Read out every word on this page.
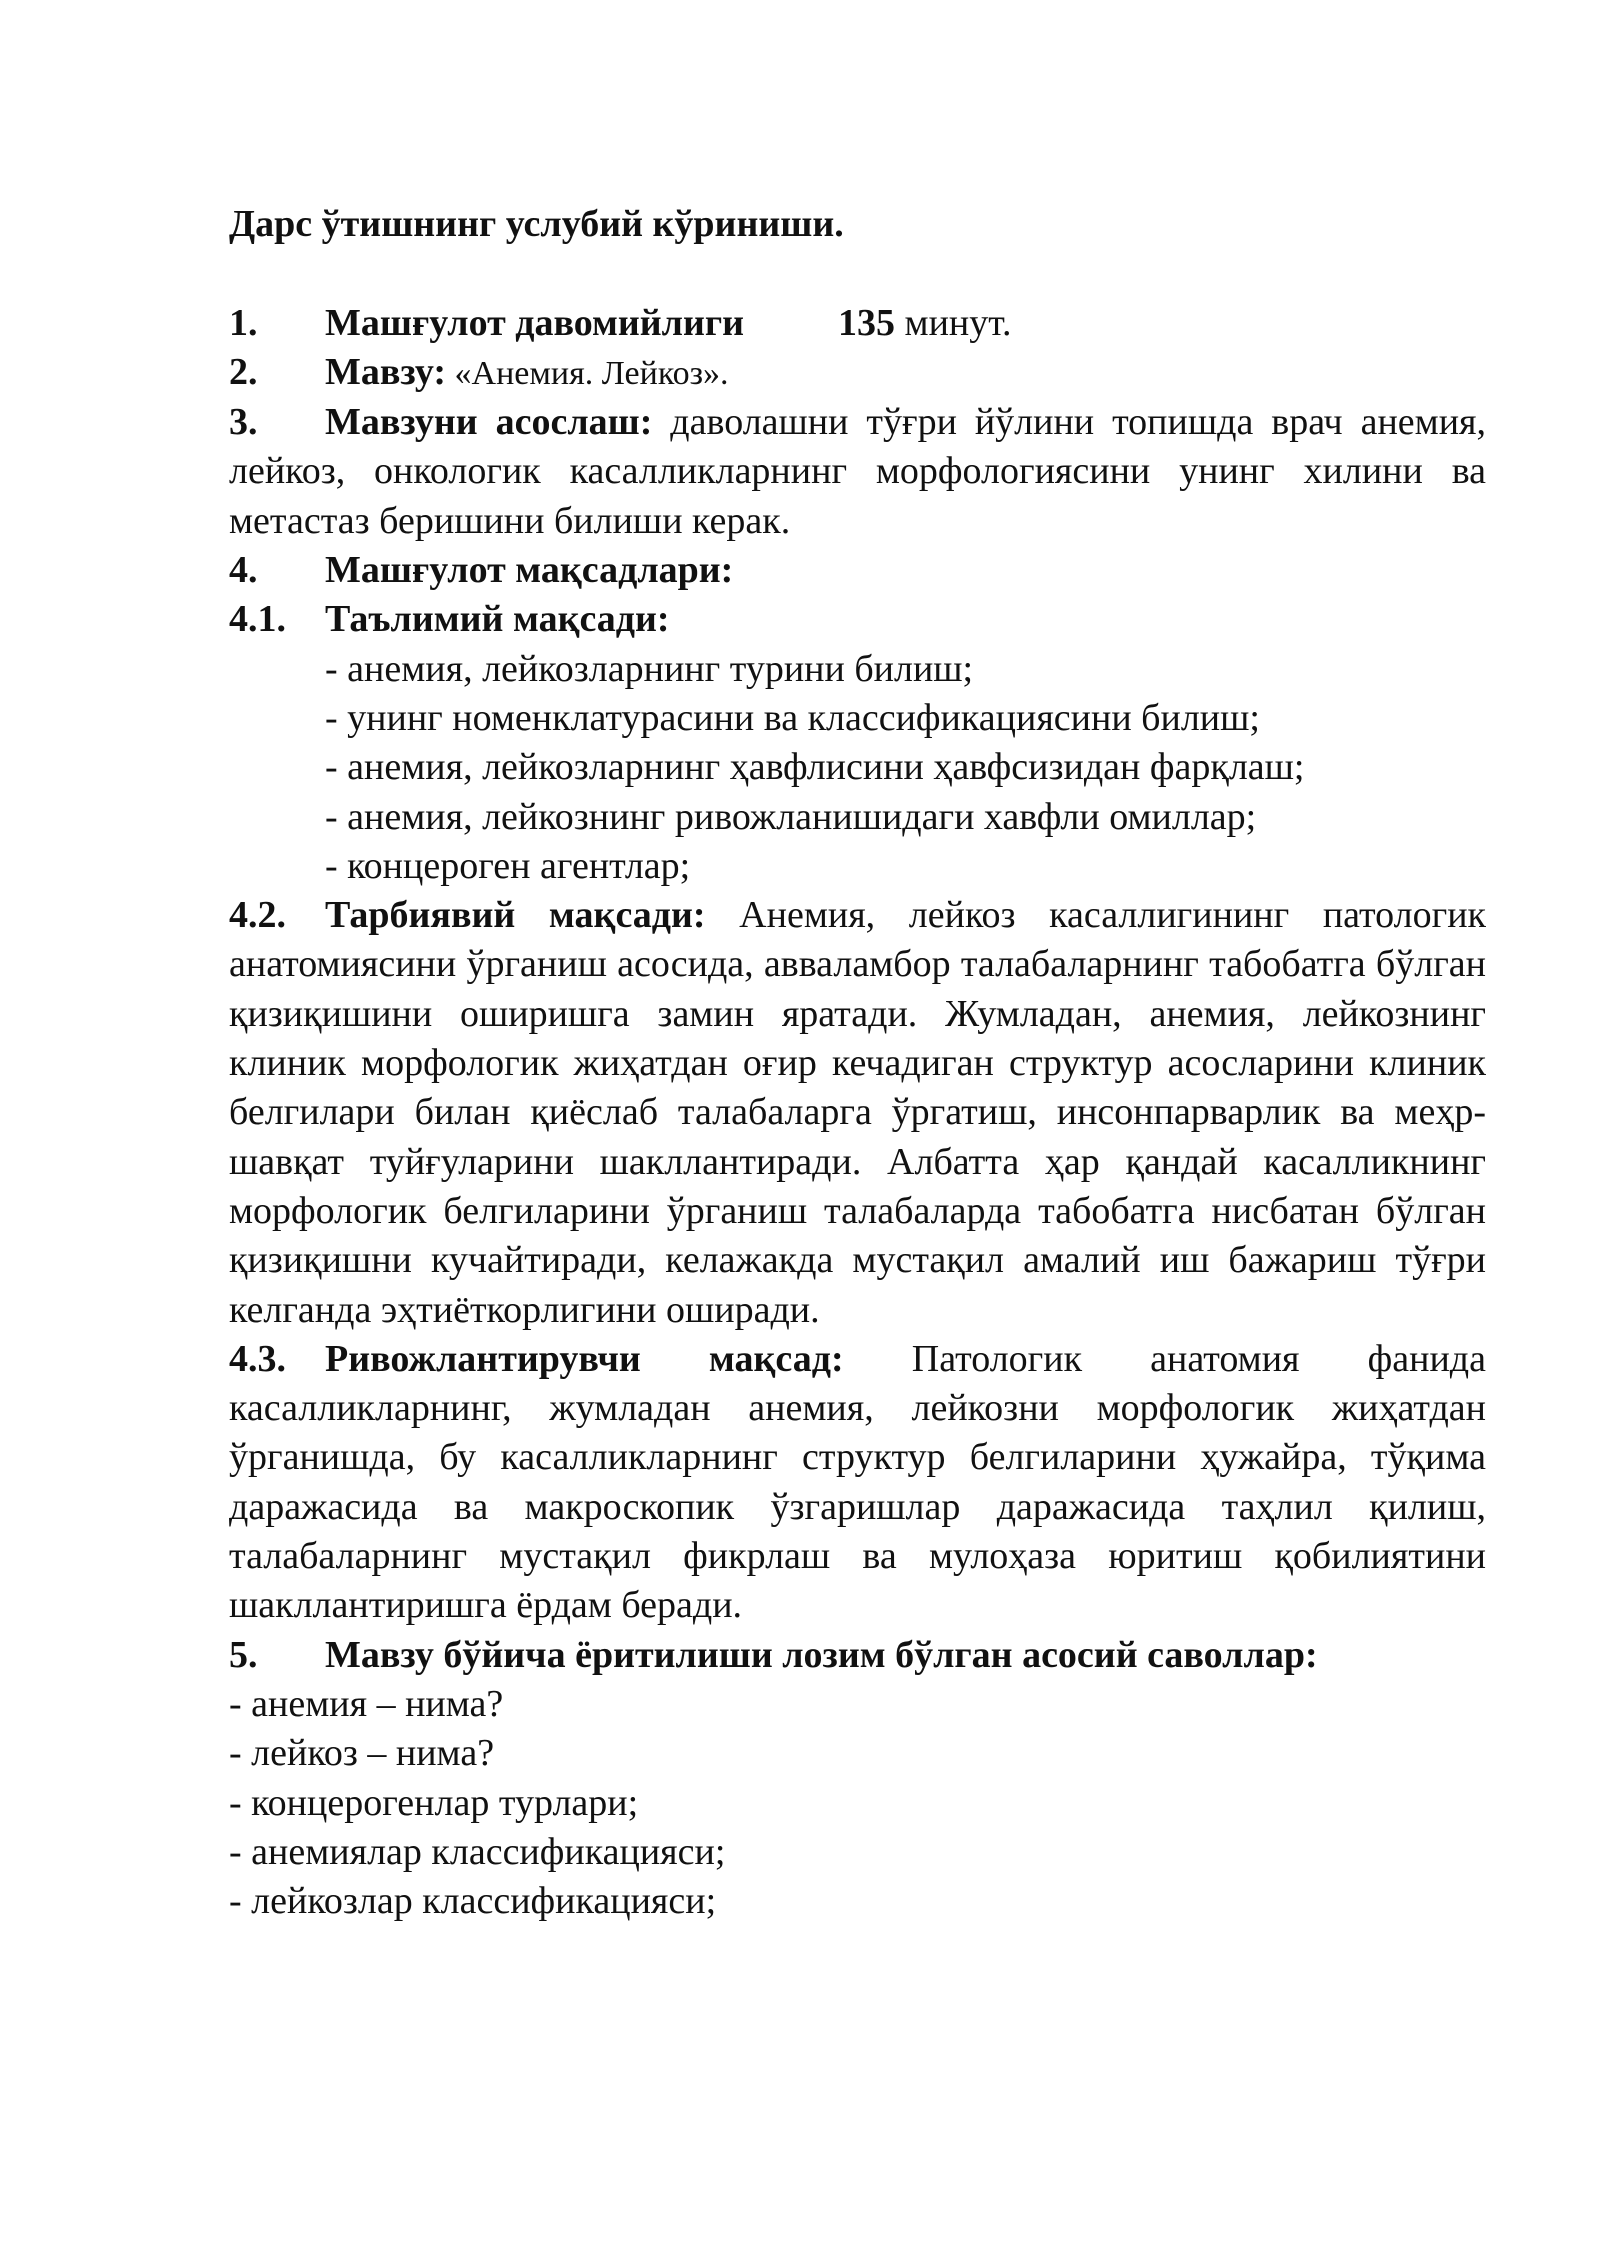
Дарс ўтишнинг услубий кўриниши.

1. Машғулот давомийлиги 135 минут.

2. Мавзу: «Анемия. Лейкоз».

3. Мавзуни асослаш: даволашни тўғри йўлини топишда врач анемия, лейкоз, онкологик касалликларнинг морфологиясини унинг хилини ва метастаз беришини билиши керак.

4. Машғулот мақсадлари:

4.1. Таълимий мақсади:

- анемия, лейкозларнинг турини билиш;

- унинг номенклатурасини ва классификациясини билиш;

- анемия, лейкозларнинг ҳавфлисини ҳавфсизидан фарқлаш;

- анемия, лейкознинг ривожланишидаги хавфли омиллар;

- концероген агентлар;

4.2. Тарбиявий мақсади: Анемия, лейкоз касаллигининг патологик анатомиясини ўрганиш асосида, авваламбор талабаларнинг табобатга бўлган қизиқишини оширишга замин яратади. Жумладан, анемия, лейкознинг клиник морфологик жиҳатдан оғир кечадиган структур асосларини клиник белгилари билан қиёслаб талабаларга ўргатиш, инсонпарварлик ва меҳр-шавқат туйғуларини шакллантиради. Албатта ҳар қандай касалликнинг морфологик белгиларини ўрганиш талабаларда табобатга нисбатан бўлган қизиқишни кучайтиради, келажакда мустақил амалий иш бажариш тўғри келганда эҳтиёткорлигини оширади.

4.3. Ривожлантирувчи мақсад: Патологик анатомия фанида касалликларнинг, жумладан анемия, лейкозни морфологик жиҳатдан ўрганишда, бу касалликларнинг структур белгиларини ҳужайра, тўқима даражасида ва макроскопик ўзгаришлар даражасида таҳлил қилиш, талабаларнинг мустақил фикрлаш ва мулоҳаза юритиш қобилиятини шакллантиришга ёрдам беради.

5. Мавзу бўйича ёритилиши лозим бўлган асосий саволлар:

- анемия – нима?

- лейкоз – нима?

- концерогенлар турлари;

- анемиялар классификацияси;

- лейкозлар классификацияси;
